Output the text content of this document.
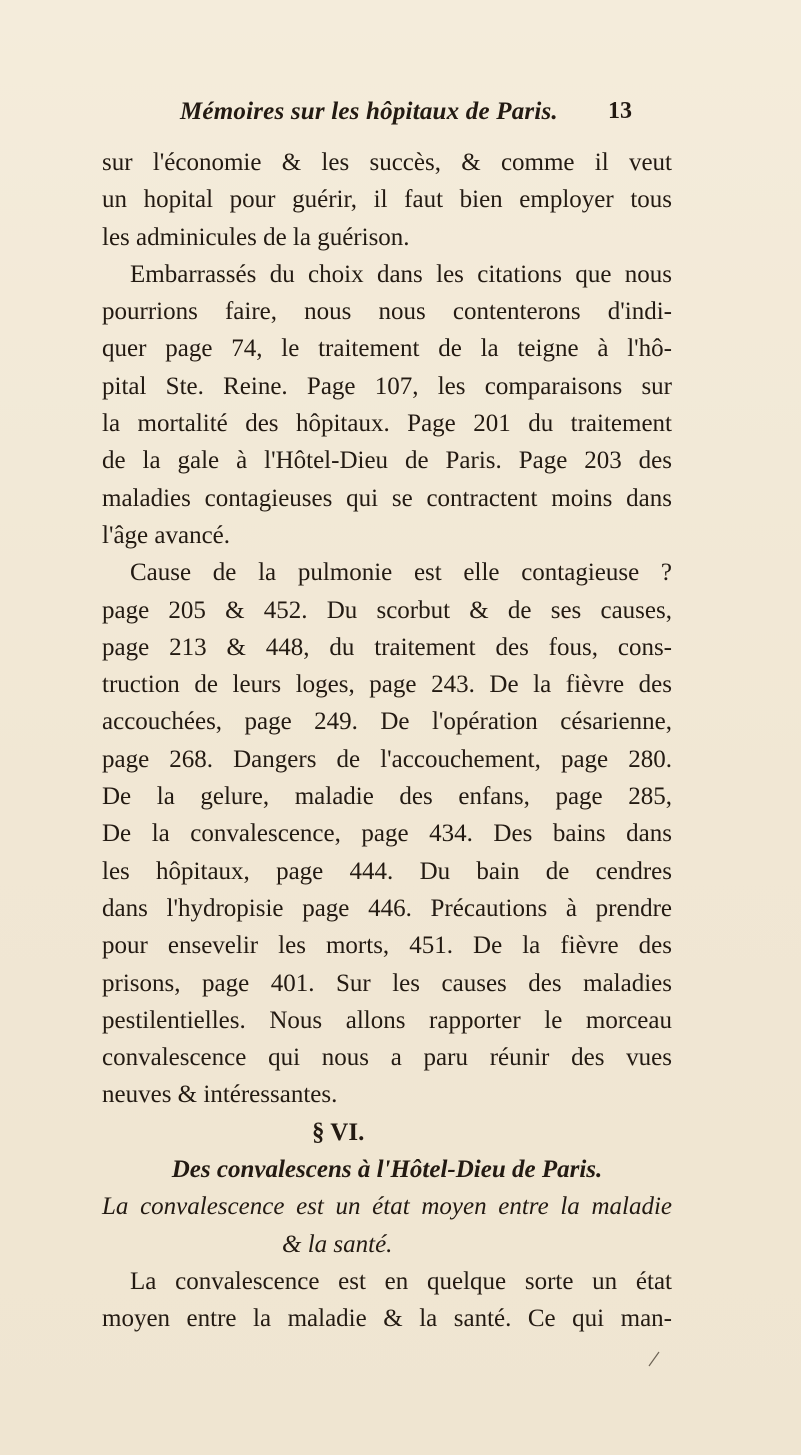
Mémoires sur les hôpitaux de Paris. 13
sur l'économie & les succès, & comme il veut
un hopital pour guérir, il faut bien employer tous
les adminicules de la guérison.
Embarrassés du choix dans les citations que nous
pourrions faire, nous nous contenterons d'indi-
quer page 74, le traitement de la teigne à l'hô-
pital Ste. Reine. Page 107, les comparaisons sur
la mortalité des hôpitaux. Page 201 du traitement
de la gale à l'Hôtel-Dieu de Paris. Page 203 des
maladies contagieuses qui se contractent moins dans
l'âge avancé.
Cause de la pulmonie est elle contagieuse ?
page 205 & 452. Du scorbut & de ses causes,
page 213 & 448, du traitement des fous, cons-
truction de leurs loges, page 243. De la fièvre des
accouchées, page 249. De l'opération césarienne,
page 268. Dangers de l'accouchement, page 280.
De la gelure, maladie des enfans, page 285,
De la convalescence, page 434. Des bains dans
les hôpitaux, page 444. Du bain de cendres
dans l'hydropisie page 446. Précautions à prendre
pour ensevelir les morts, 451. De la fièvre des
prisons, page 401. Sur les causes des maladies
pestilentielles. Nous allons rapporter le morceau
convalescence qui nous a paru réunir des vues
neuves & intéressantes.
§ VI.
Des convalescens à l'Hôtel-Dieu de Paris.
La convalescence est un état moyen entre la maladie
& la santé.
La convalescence est en quelque sorte un état
moyen entre la maladie & la santé. Ce qui man-
